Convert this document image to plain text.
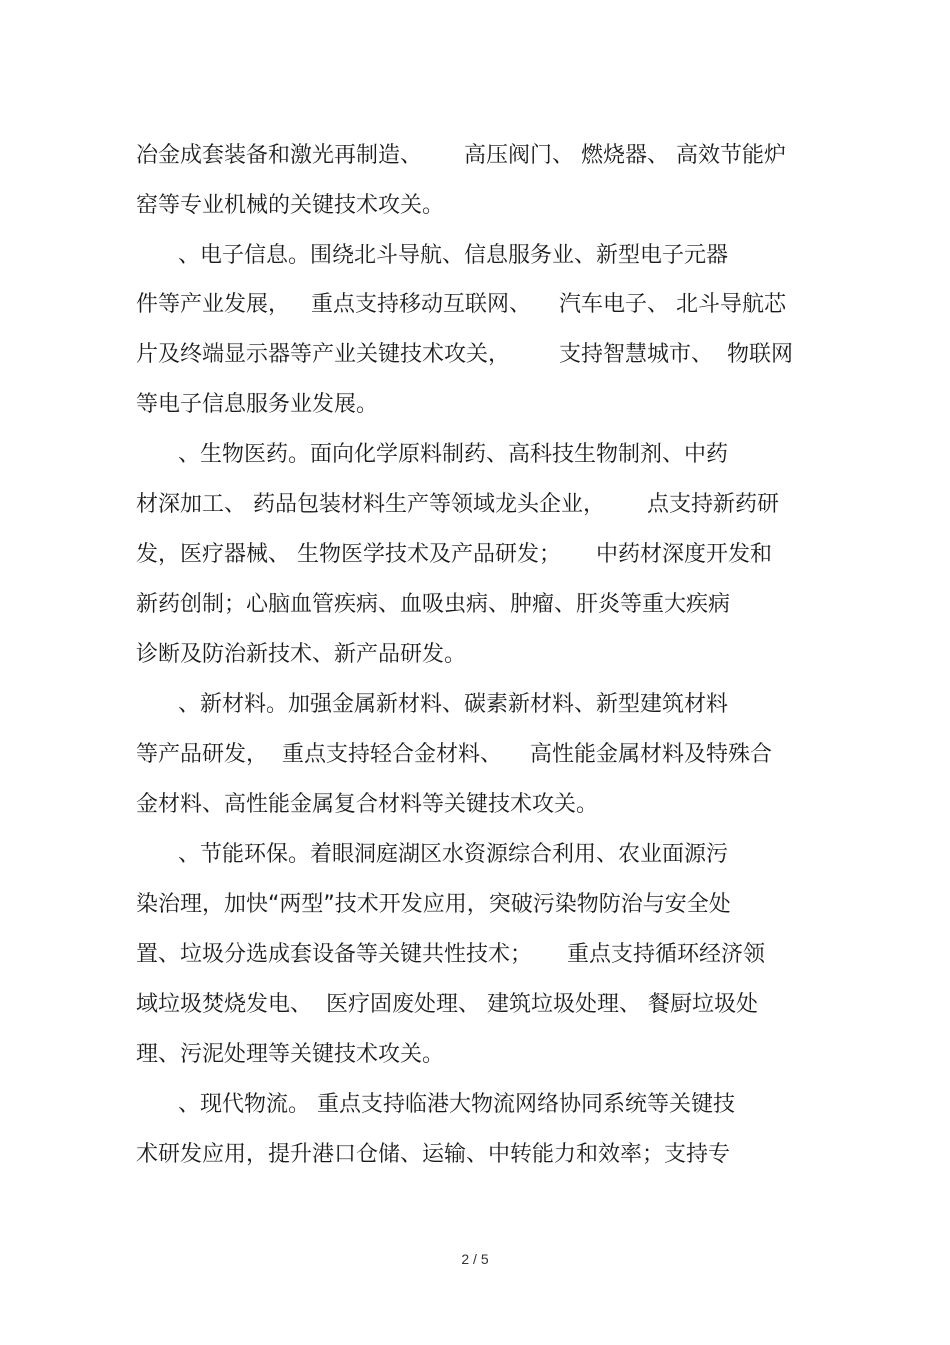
冶金成套装备和激光再制造、      高压阀门、 燃烧器、 高效节能炉
窑等专业机械的关键技术攻关。
、电子信息。围绕北斗导航、信息服务业、新型电子元器
件等产业发展，   重点支持移动互联网、    汽车电子、 北斗导航芯
片及终端显示器等产业关键技术攻关，       支持智慧城市、  物联网
等电子信息服务业发展。
、生物医药。面向化学原料制药、高科技生物制剂、中药
材深加工、 药品包装材料生产等领域龙头企业，      点支持新药研
发，医疗器械、 生物医学技术及产品研发；     中药材深度开发和
新药创制；心脑血管疾病、血吸虫病、肿瘤、肝炎等重大疾病
诊断及防治新技术、新产品研发。
、新材料。加强金属新材料、碳素新材料、新型建筑材料
等产品研发，  重点支持轻合金材料、    高性能金属材料及特殊合
金材料、高性能金属复合材料等关键技术攻关。
、节能环保。着眼洞庭湖区水资源综合利用、农业面源污
染治理，加快“两型”技术开发应用，突破污染物防治与安全处
置、垃圾分选成套设备等关键共性技术；     重点支持循环经济领
域垃圾焚烧发电、  医疗固废处理、 建筑垃圾处理、 餐厨垃圾处
理、污泥处理等关键技术攻关。
、现代物流。 重点支持临港大物流网络协同系统等关键技
术研发应用，提升港口仓储、运输、中转能力和效率；支持专
2 / 5
